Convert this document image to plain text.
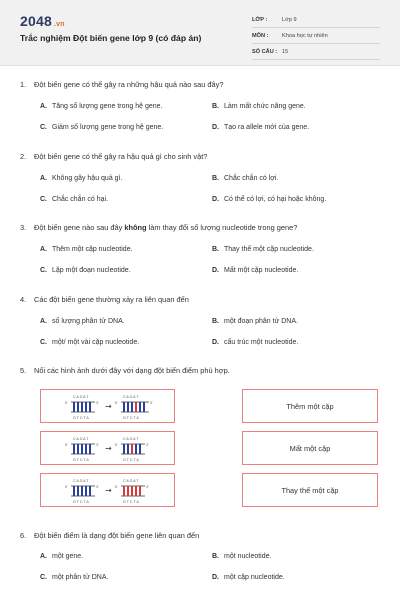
2048 .vn
Trắc nghiệm Đột biến gene lớp 9 (có đáp án)
LỚP :	Lớp 9
MÔN :	Khoa học tự nhiên
SỐ CÂU : 15
1. Đột biến gene có thể gây ra những hậu quả nào sau đây?
A. Tăng số lượng gene trong hệ gene.	B. Làm mất chức năng gene.
C. Giảm số lượng gene trong hệ gene.	D. Tạo ra allele mới của gene.
2. Đột biến gene có thể gây ra hậu quả gì cho sinh vật?
A. Không gây hậu quả gì.	B. Chắc chắn có lợi.
C. Chắc chắn có hại.	D. Có thể có lợi, có hại hoặc không.
3. Đột biến gene nào sau đây không làm thay đổi số lượng nucleotide trong gene?
A. Thêm một cặp nucleotide.	B. Thay thế một cặp nucleotide.
C. Lặp một đoạn nucleotide.	D. Mất một cặp nucleotide.
4. Các đột biến gene thường xảy ra liên quan đến
A. số lượng phân tử DNA.	B. một đoạn phân tử DNA.
C. một/ một vài cặp nucleotide.	D. cấu trúc một nucleotide.
5. Nối các hình ảnh dưới đây với dạng đột biến điểm phù hợp.
C A G A T
G T C T A
5'	3' →
C A G A T
G T C T A
5'	3'
C A G A T
G T C T A
5'	3' →
C A G A T
G T C T A
5'	3'
C A G A T
G T C T A
5'	3' →
C A G A T
G T C T A
5'	3'
Thêm một cặp
Mất một cặp
Thay thế một cặp
6. Đột biến điểm là dạng đột biến gene liên quan đến
A. một gene.	B. một nucleotide.
C. một phân tử DNA.	D. một cặp nucleotide.
